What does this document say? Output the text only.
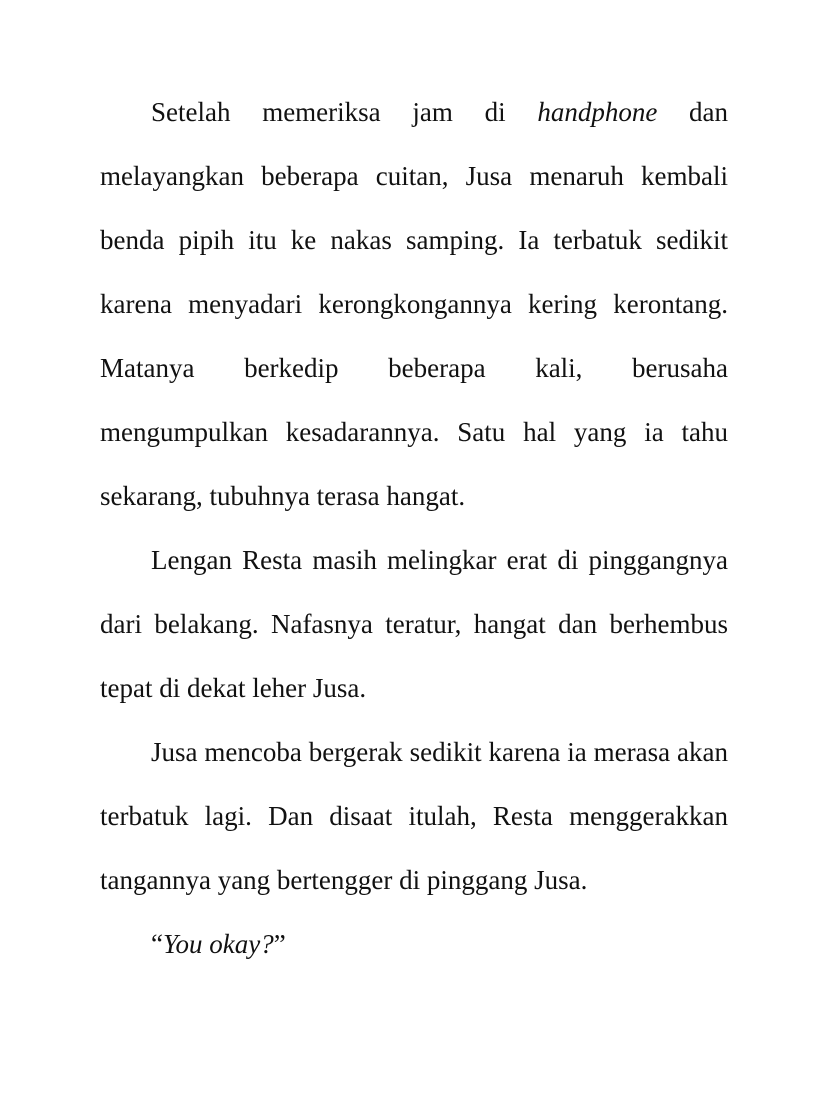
Setelah memeriksa jam di handphone dan melayangkan beberapa cuitan, Jusa menaruh kembali benda pipih itu ke nakas samping. Ia terbatuk sedikit karena menyadari kerongkongannya kering kerontang. Matanya berkedip beberapa kali, berusaha mengumpulkan kesadarannya. Satu hal yang ia tahu sekarang, tubuhnya terasa hangat.

Lengan Resta masih melingkar erat di pinggangnya dari belakang. Nafasnya teratur, hangat dan berhembus tepat di dekat leher Jusa.

Jusa mencoba bergerak sedikit karena ia merasa akan terbatuk lagi. Dan disaat itulah, Resta menggerakkan tangannya yang bertengger di pinggang Jusa.

“You okay?”
